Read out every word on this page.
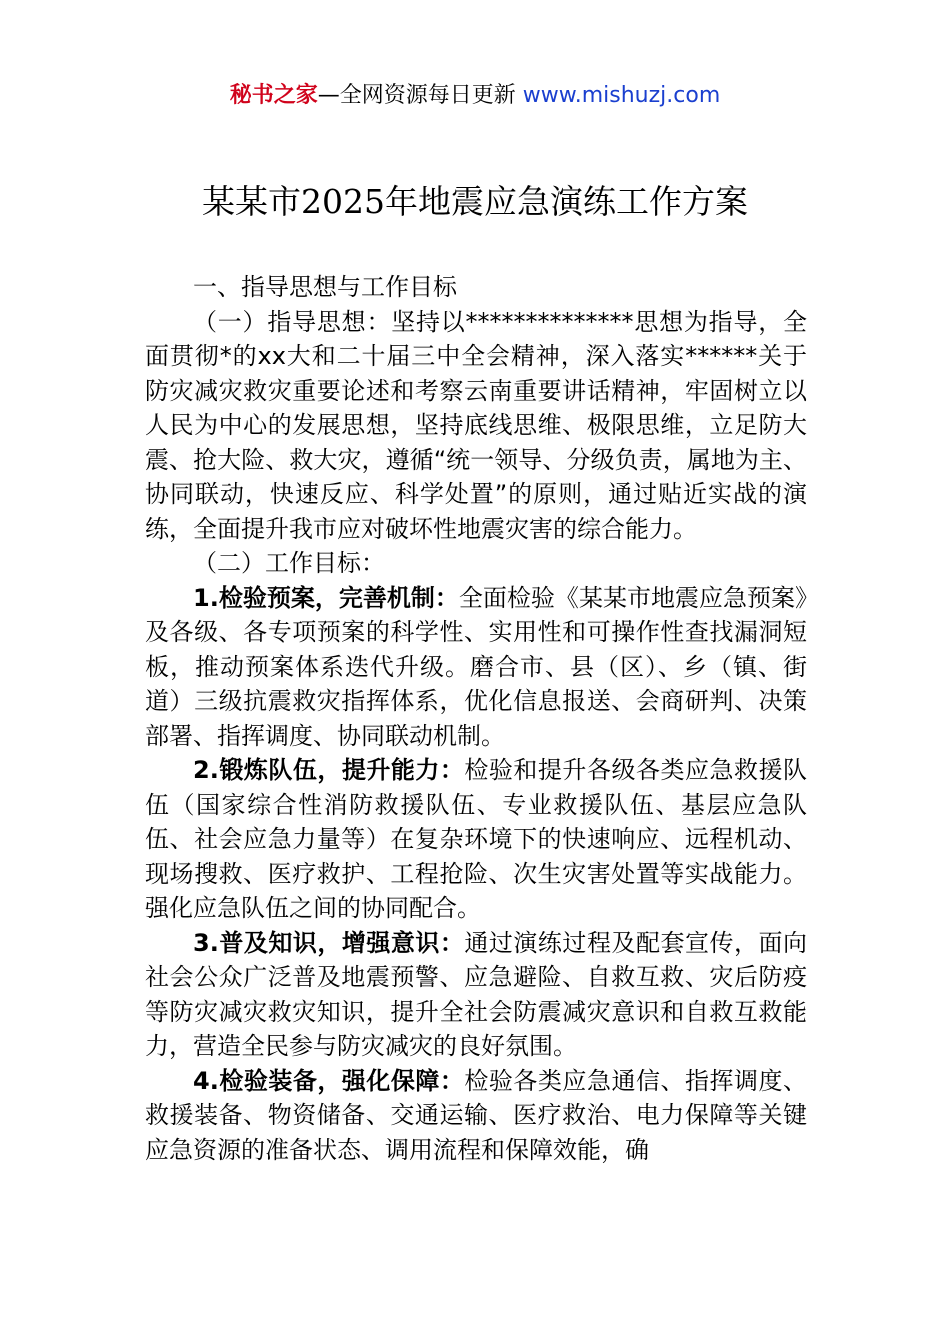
秘书之家—全网资源每日更新 www.mishuzj.com
某某市2025年地震应急演练工作方案

一、指导思想与工作目标

（一）指导思想：坚持以**************思想为指导，全面贯彻*的xx大和二十届三中全会精神，深入落实******关于防灾减灾救灾重要论述和考察云南重要讲话精神，牢固树立以人民为中心的发展思想，坚持底线思维、极限思维，立足防大震、抢大险、救大灾，遵循“统一领导、分级负责，属地为主、协同联动，快速反应、科学处置”的原则，通过贴近实战的演练，全面提升我市应对破坏性地震灾害的综合能力。

（二）工作目标：

1.检验预案，完善机制：全面检验《某某市地震应急预案》及各级、各专项预案的科学性、实用性和可操作性查找漏洞短板，推动预案体系迭代升级。磨合市、县（区）、乡（镇、街道）三级抗震救灾指挥体系，优化信息报送、会商研判、决策部署、指挥调度、协同联动机制。

2.锻炼队伍，提升能力：检验和提升各级各类应急救援队伍（国家综合性消防救援队伍、专业救援队伍、基层应急队伍、社会应急力量等）在复杂环境下的快速响应、远程机动、现场搜救、医疗救护、工程抢险、次生灾害处置等实战能力。强化应急队伍之间的协同配合。

3.普及知识，增强意识：通过演练过程及配套宣传，面向社会公众广泛普及地震预警、应急避险、自救互救、灾后防疫等防灾减灾救灾知识，提升全社会防震减灾意识和自救互救能力，营造全民参与防灾减灾的良好氛围。

4.检验装备，强化保障：检验各类应急通信、指挥调度、救援装备、物资储备、交通运输、医疗救治、电力保障等关键应急资源的准备状态、调用流程和保障效能，确
